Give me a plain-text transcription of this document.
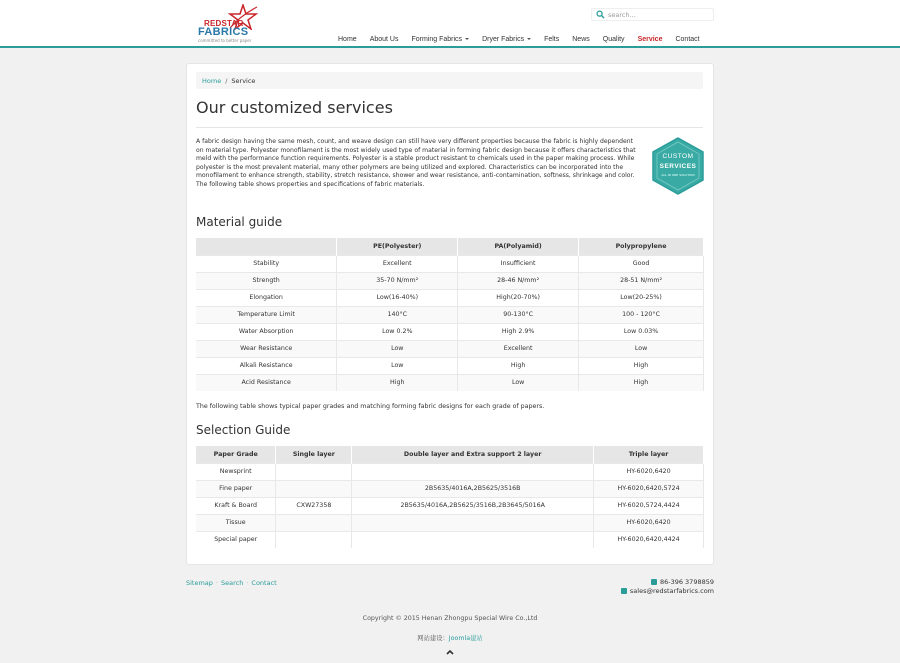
REDSTAR
FABRICS
committed to better paper
search...
Home About Us Forming Fabrics	Dryer Fabrics	Felts News Quality Service Contact
Home / Service
Our customized services

A fabric design having the same mesh, count, and weave design can still have very different properties because the fabric is highly dependent on material type. Polyester monofilament is the most widely used type of material in forming fabric design because it offers characteristics that meld with the performance function requirements. Polyester is a stable product resistant to chemicals used in the paper making process. While polyester is the most prevalent material, many other polymers are being utilized and explored. Characteristics can be incorporated into the monofilament to enhance strength, stability, stretch resistance, shower and wear resistance, anti-contamination, softness, shrinkage and color. The following table shows properties and specifications of fabric materials.

CUSTOM
SERVICES
ALL IN ONE SOLUTION
Material guide
	PE(Polyester)	PA(Polyamid)	Polypropylene
Stability	Excellent	Insufficient	Good
Strength	35-70 N/mm²	28-46 N/mm²	28-51 N/mm²
Elongation	Low(16-40%)	High(20-70%)	Low(20-25%)
Temperature Limit	140°C	90-130°C	100 - 120°C
Water Absorption	Low 0.2%	High 2.9%	Low 0.03%
Wear Resistance	Low	Excellent	Low
Alkali Resistance	Low	High	High
Acid Resistance	High	Low	High
The following table shows typical paper grades and matching forming fabric designs for each grade of papers.
Selection Guide
Paper Grade	Single layer	Double layer and Extra support 2 layer	Triple layer
Newsprint			HY-6020,6420
Fine paper		2B5635/4016A,2B5625/3516B	HY-6020,6420,5724
Kraft & Board	CXW27358	2B5635/4016A,2B5625/3516B,2B3645/5016A	HY-6020,5724,4424
Tissue			HY-6020,6420
Special paper			HY-6020,6420,4424
Sitemap · Search · Contact	86-396 3798859
sales@redstarfabrics.com
Copyright © 2015 Henan Zhongpu Special Wire Co.,Ltd
网站建设：Joomla建站
